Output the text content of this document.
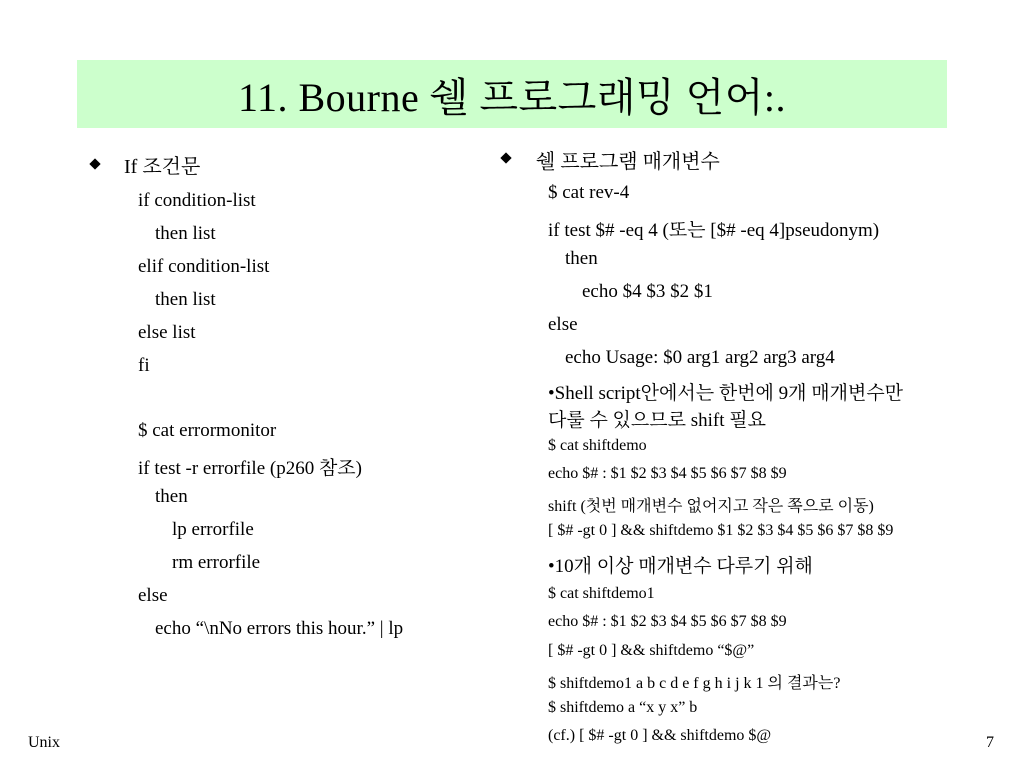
11. Bourne 쉘 프로그래밍 언어:.
If 조건문
if condition-list
then list
elif condition-list
then list
else list
fi
$ cat errormonitor
if test -r errorfile (p260 참조)
then
lp errorfile
rm errorfile
else
echo “\nNo errors this hour.” | lp
쉘 프로그램 매개변수
$ cat rev-4
if test $# -eq 4 (또는 [$# -eq 4]pseudonym)
then
echo $4 $3 $2 $1
else
echo Usage: $0 arg1 arg2 arg3 arg4
•Shell script안에서는 한번에 9개 매개변수만
다룰 수 있으므로 shift 필요
$ cat shiftdemo
echo $# : $1 $2 $3 $4 $5 $6 $7 $8 $9
shift (첫번 매개변수 없어지고 작은 쪽으로 이동)
[ $# -gt 0 ] && shiftdemo $1 $2 $3 $4 $5 $6 $7 $8 $9
•10개 이상 매개변수 다루기 위해
$ cat shiftdemo1
echo $# : $1 $2 $3 $4 $5 $6 $7 $8 $9
[ $# -gt 0 ] && shiftdemo “$@”
$ shiftdemo1 a b c d e f g h i j k 1 의 결과는?
$ shiftdemo a “x y x” b
(cf.) [ $# -gt 0 ] && shiftdemo $@
Unix	7
